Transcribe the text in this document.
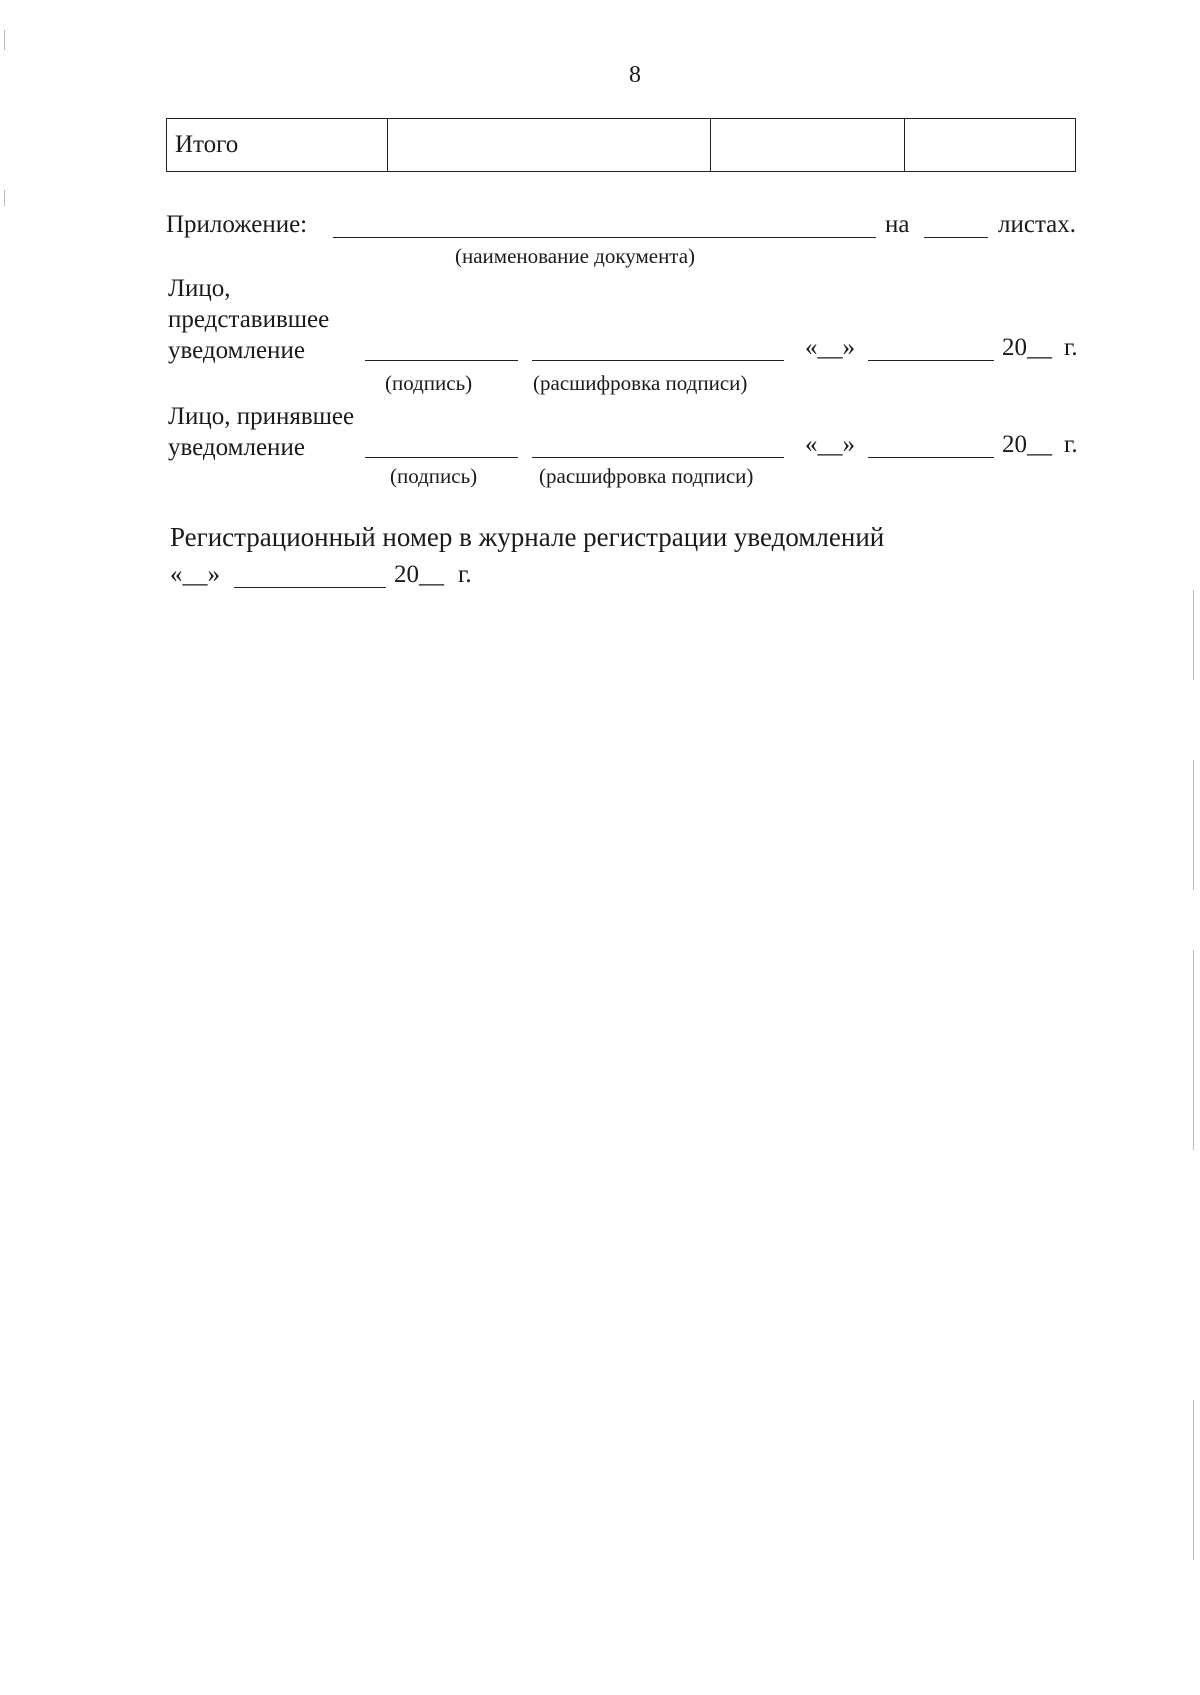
8
Итого			
Приложение:	на	листах.
(наименование документа)
Лицо,
представившее
уведомление	«__»	20__ г.
(подпись)	(расшифровка подписи)
Лицо, принявшее
уведомление	«__»	20__ г.
(подпись)	(расшифровка подписи)
Регистрационный номер в журнале регистрации уведомлений
«__»	20__ г.
